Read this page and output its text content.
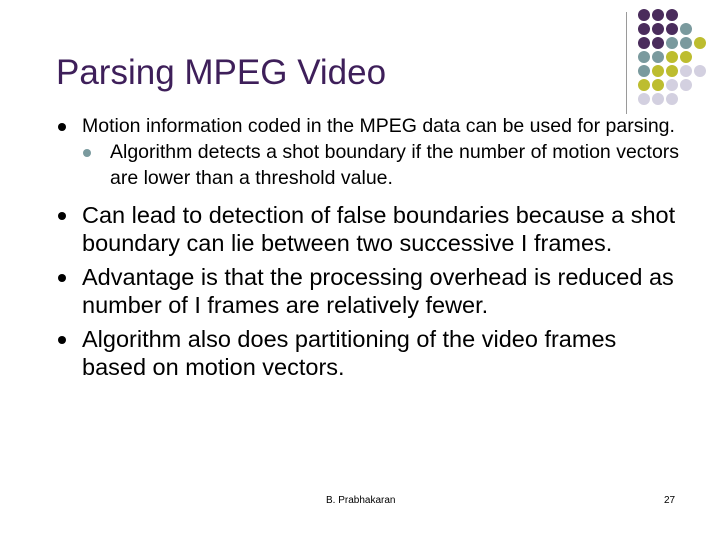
Parsing MPEG Video
Motion information coded in the MPEG data can be used for parsing.
Algorithm detects a shot boundary if the number of motion vectors are lower than a threshold value.
Can lead to detection of false boundaries because a shot boundary can lie between two successive I frames.
Advantage is that the processing overhead is reduced as number of I frames are relatively fewer.
Algorithm also does partitioning of the video frames based on motion vectors.
B. Prabhakaran	27
